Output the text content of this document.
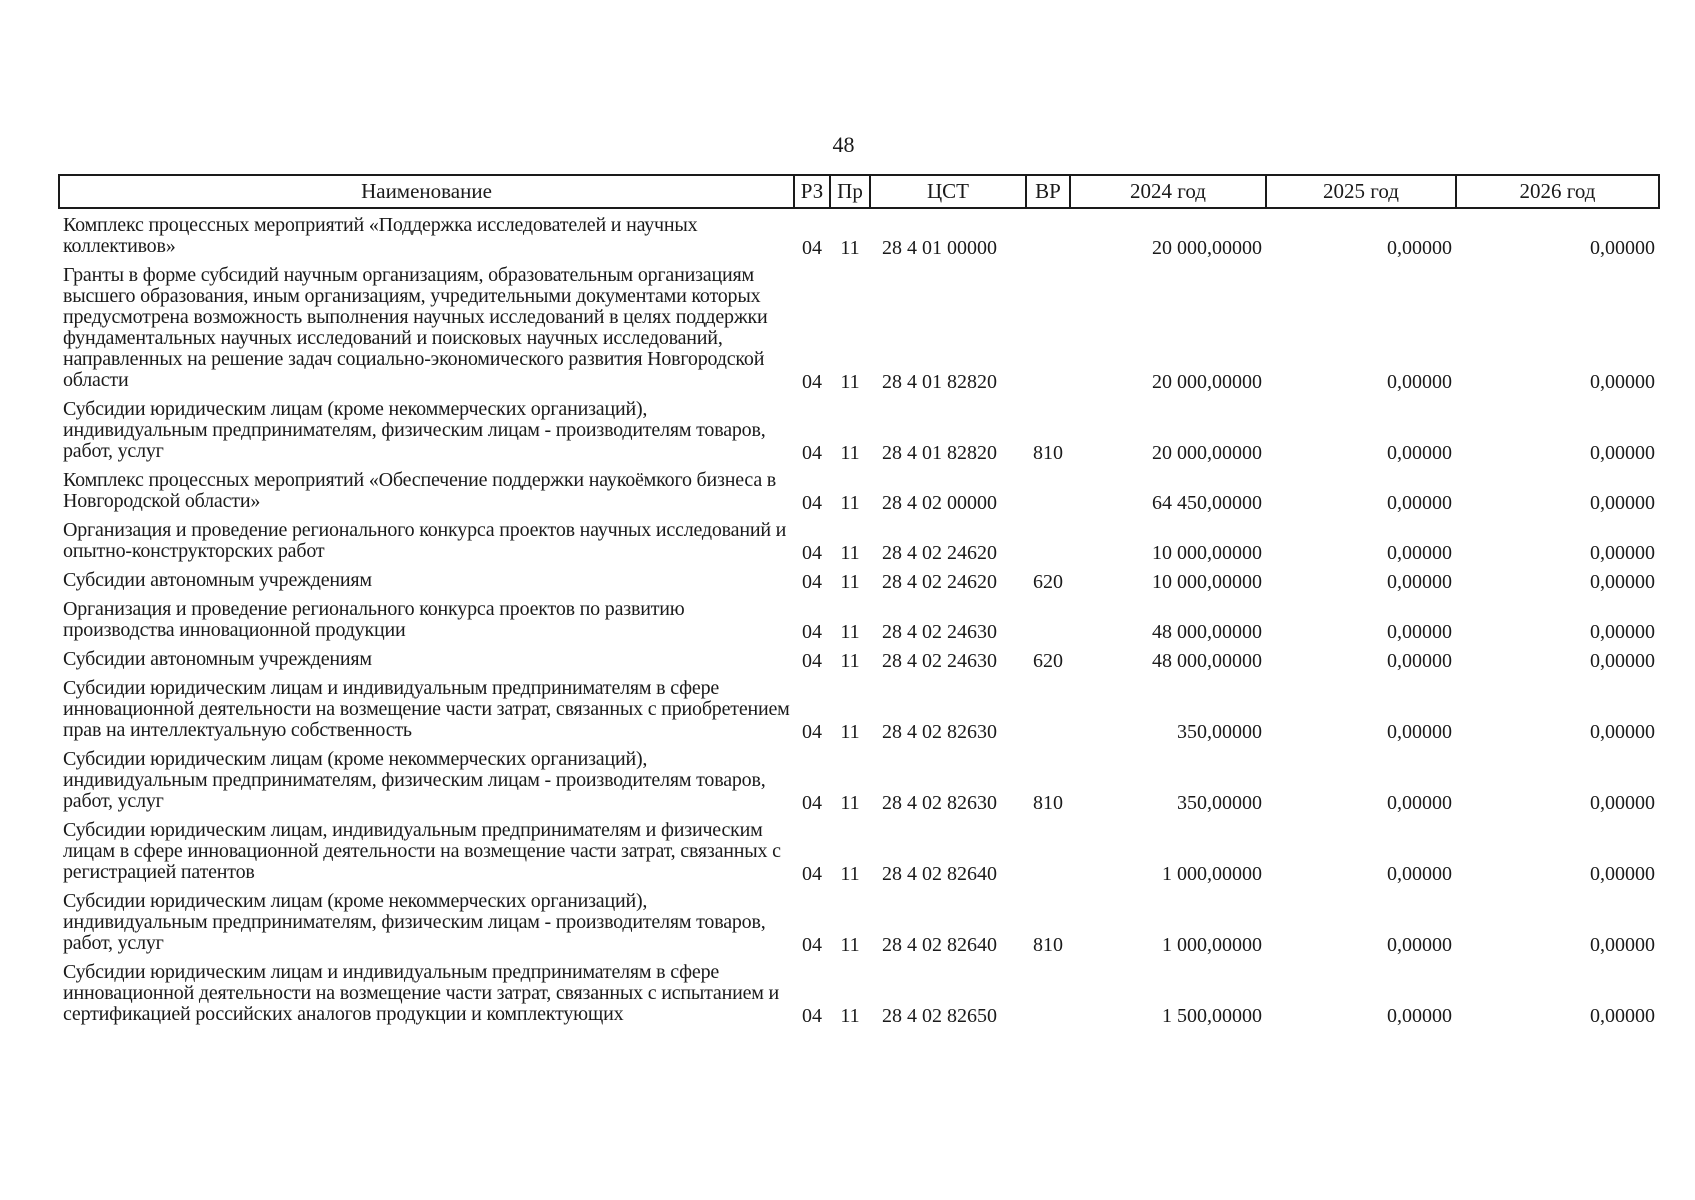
48
Наименование	РЗ	Пр	ЦСТ	ВР	2024 год	2025 год	2026 год
Комплекс процессных мероприятий «Поддержка исследователей и научных коллективов»	04	11	28 4 01 00000		20 000,00000	0,00000	0,00000
Гранты в форме субсидий научным организациям, образовательным организациям высшего образования, иным организациям, учредительными документами которых предусмотрена возможность выполнения научных исследований в целях поддержки фундаментальных научных исследований и поисковых научных исследований, направленных на решение задач социально-экономического развития Новгородской области	04	11	28 4 01 82820		20 000,00000	0,00000	0,00000
Субсидии юридическим лицам (кроме некоммерческих организаций), индивидуальным предпринимателям, физическим лицам - производителям товаров, работ, услуг	04	11	28 4 01 82820	810	20 000,00000	0,00000	0,00000
Комплекс процессных мероприятий «Обеспечение поддержки наукоёмкого бизнеса в Новгородской области»	04	11	28 4 02 00000		64 450,00000	0,00000	0,00000
Организация и проведение регионального конкурса проектов научных исследований и опытно-конструкторских работ	04	11	28 4 02 24620		10 000,00000	0,00000	0,00000
Субсидии автономным учреждениям	04	11	28 4 02 24620	620	10 000,00000	0,00000	0,00000
Организация и проведение регионального конкурса проектов по развитию производства инновационной продукции	04	11	28 4 02 24630		48 000,00000	0,00000	0,00000
Субсидии автономным учреждениям	04	11	28 4 02 24630	620	48 000,00000	0,00000	0,00000
Субсидии юридическим лицам и индивидуальным предпринимателям в сфере инновационной деятельности на возмещение части затрат, связанных с приобретением прав на интеллектуальную собственность	04	11	28 4 02 82630		350,00000	0,00000	0,00000
Субсидии юридическим лицам (кроме некоммерческих организаций), индивидуальным предпринимателям, физическим лицам - производителям товаров, работ, услуг	04	11	28 4 02 82630	810	350,00000	0,00000	0,00000
Субсидии юридическим лицам, индивидуальным предпринимателям и физическим лицам в сфере инновационной деятельности на возмещение части затрат, связанных с регистрацией патентов	04	11	28 4 02 82640		1 000,00000	0,00000	0,00000
Субсидии юридическим лицам (кроме некоммерческих организаций), индивидуальным предпринимателям, физическим лицам - производителям товаров, работ, услуг	04	11	28 4 02 82640	810	1 000,00000	0,00000	0,00000
Субсидии юридическим лицам и индивидуальным предпринимателям в сфере инновационной деятельности на возмещение части затрат, связанных с испытанием и сертификацией российских аналогов продукции и комплектующих	04	11	28 4 02 82650		1 500,00000	0,00000	0,00000
